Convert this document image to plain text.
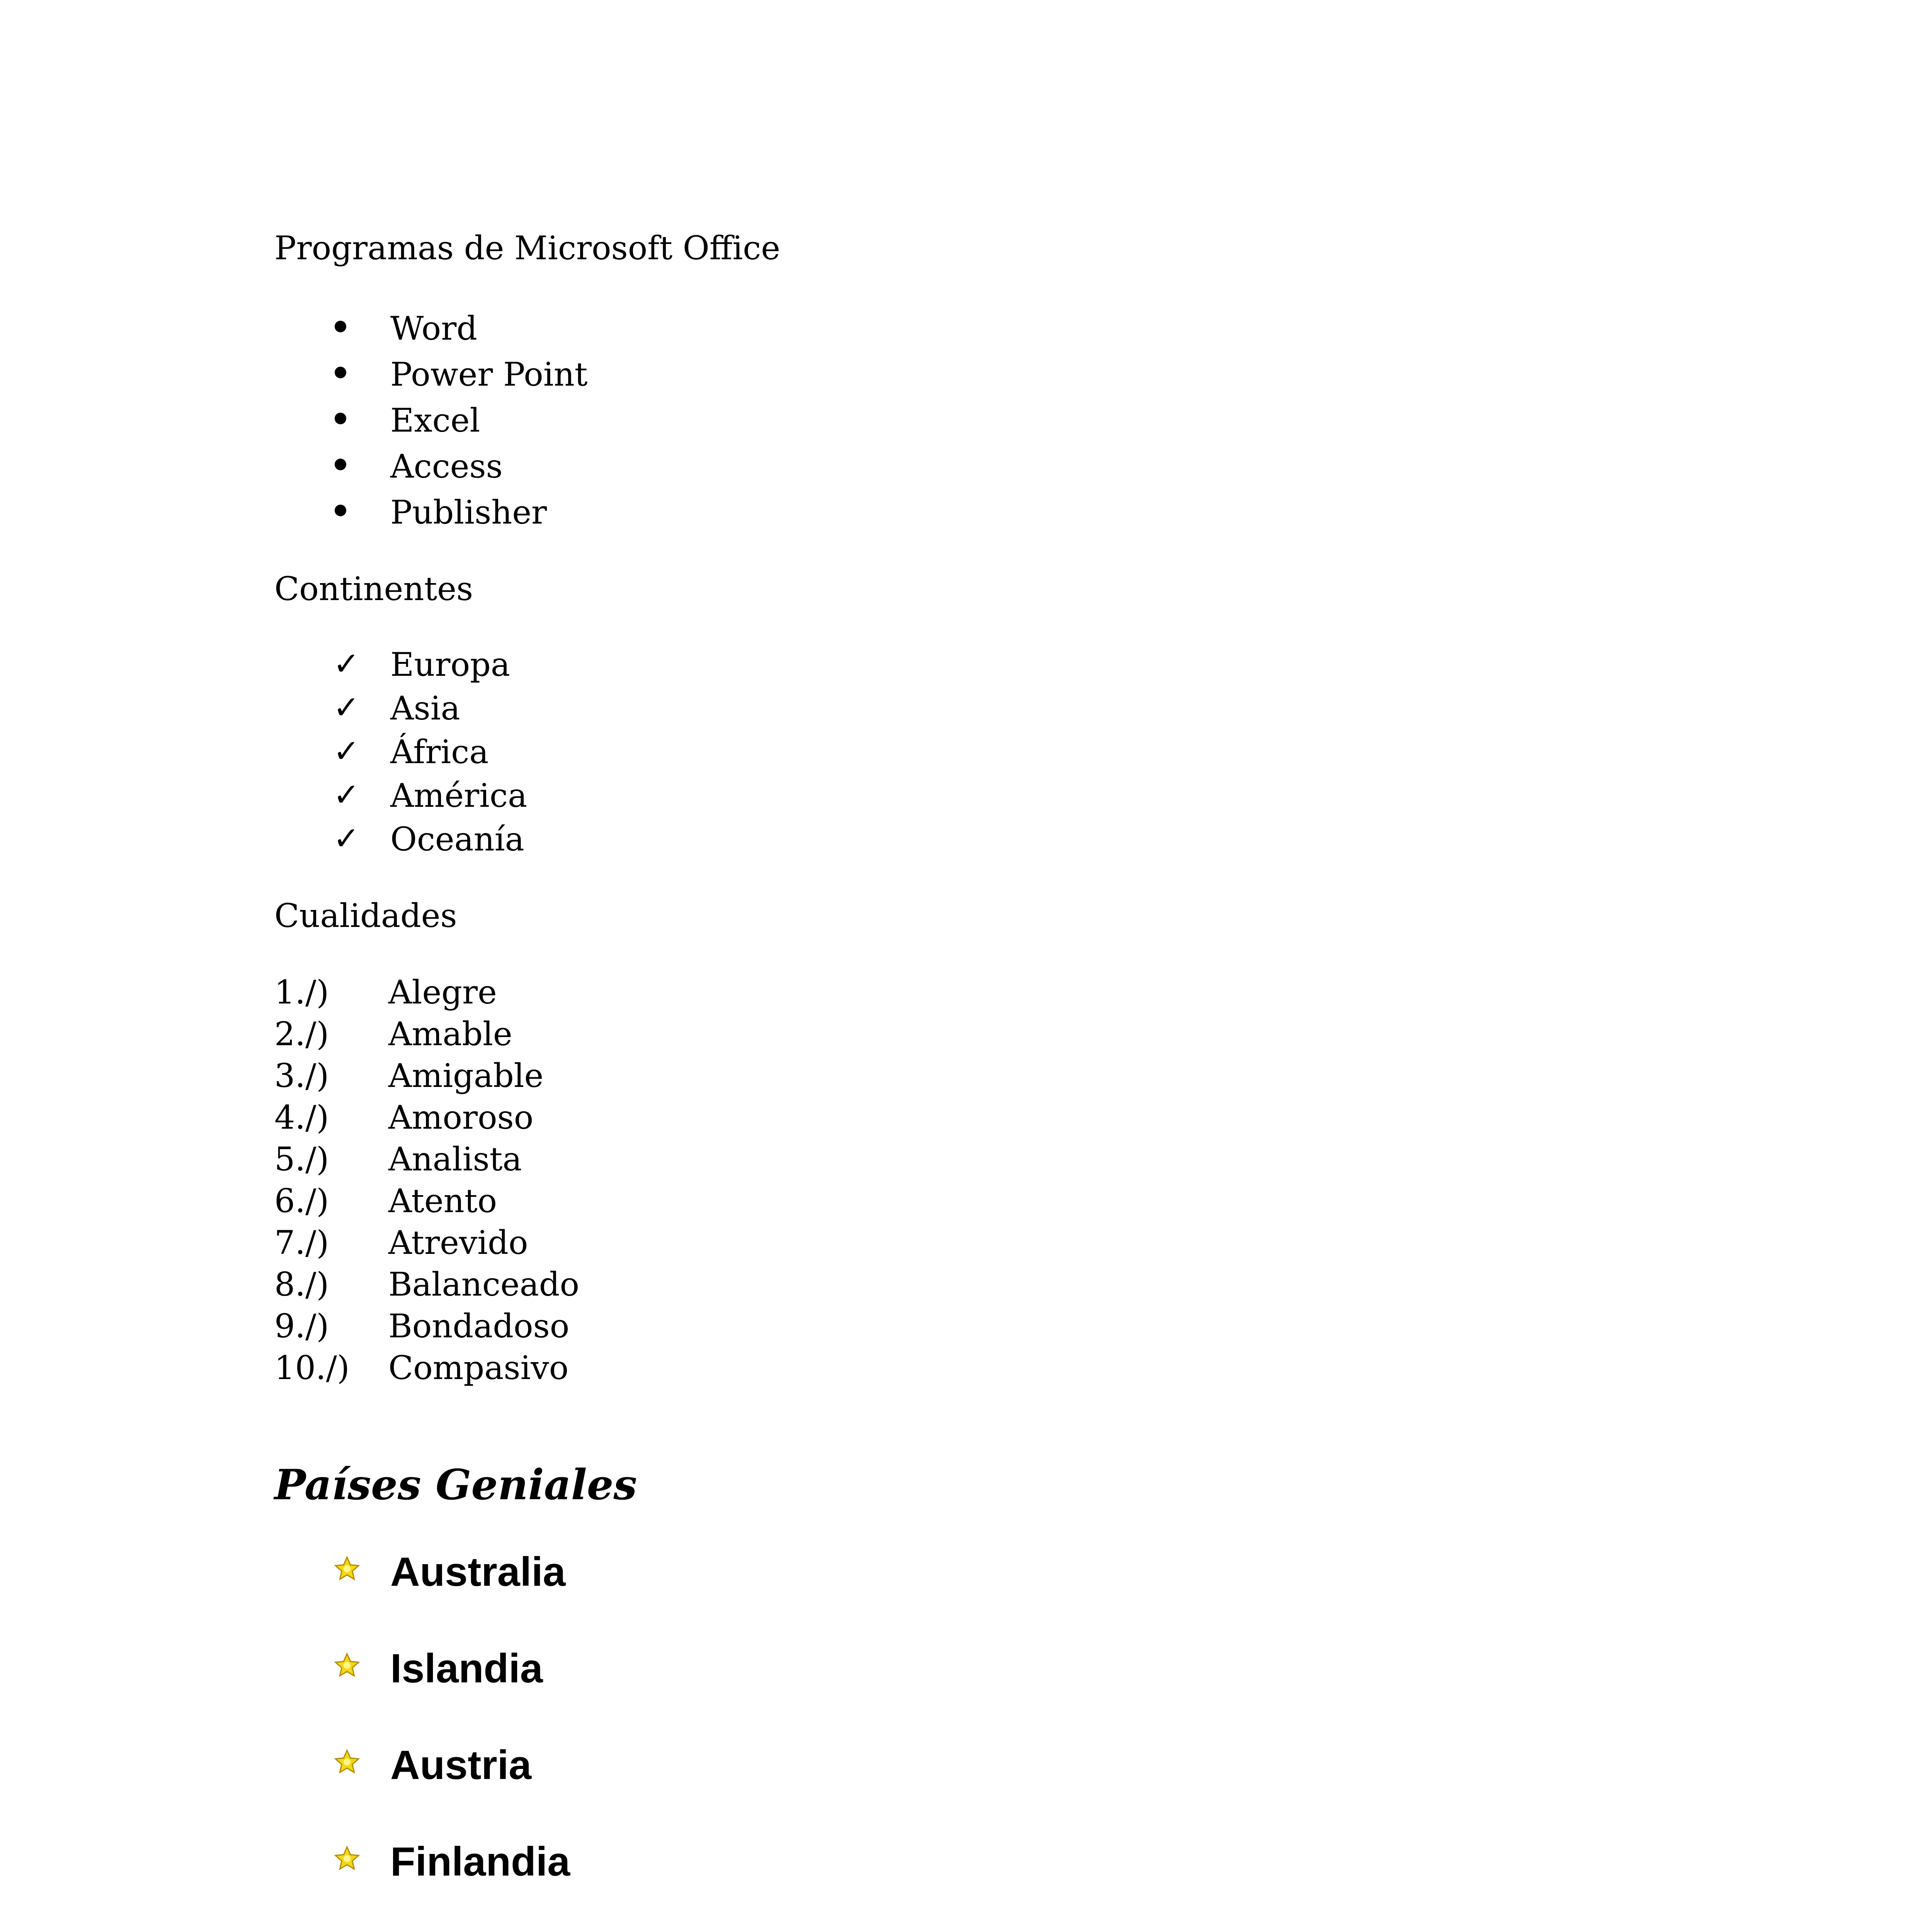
Programas de Microsoft Office
Word
Power Point
Excel
Access
Publisher
Continentes
✓ Europa
✓ Asia
✓ África
✓ América
✓ Oceanía
Cualidades
1./) Alegre
2./) Amable
3./) Amigable
4./) Amoroso
5./) Analista
6./) Atento
7./) Atrevido
8./) Balanceado
9./) Bondadoso
10./) Compasivo
Países Geniales
Australia
Islandia
Austria
Finlandia
